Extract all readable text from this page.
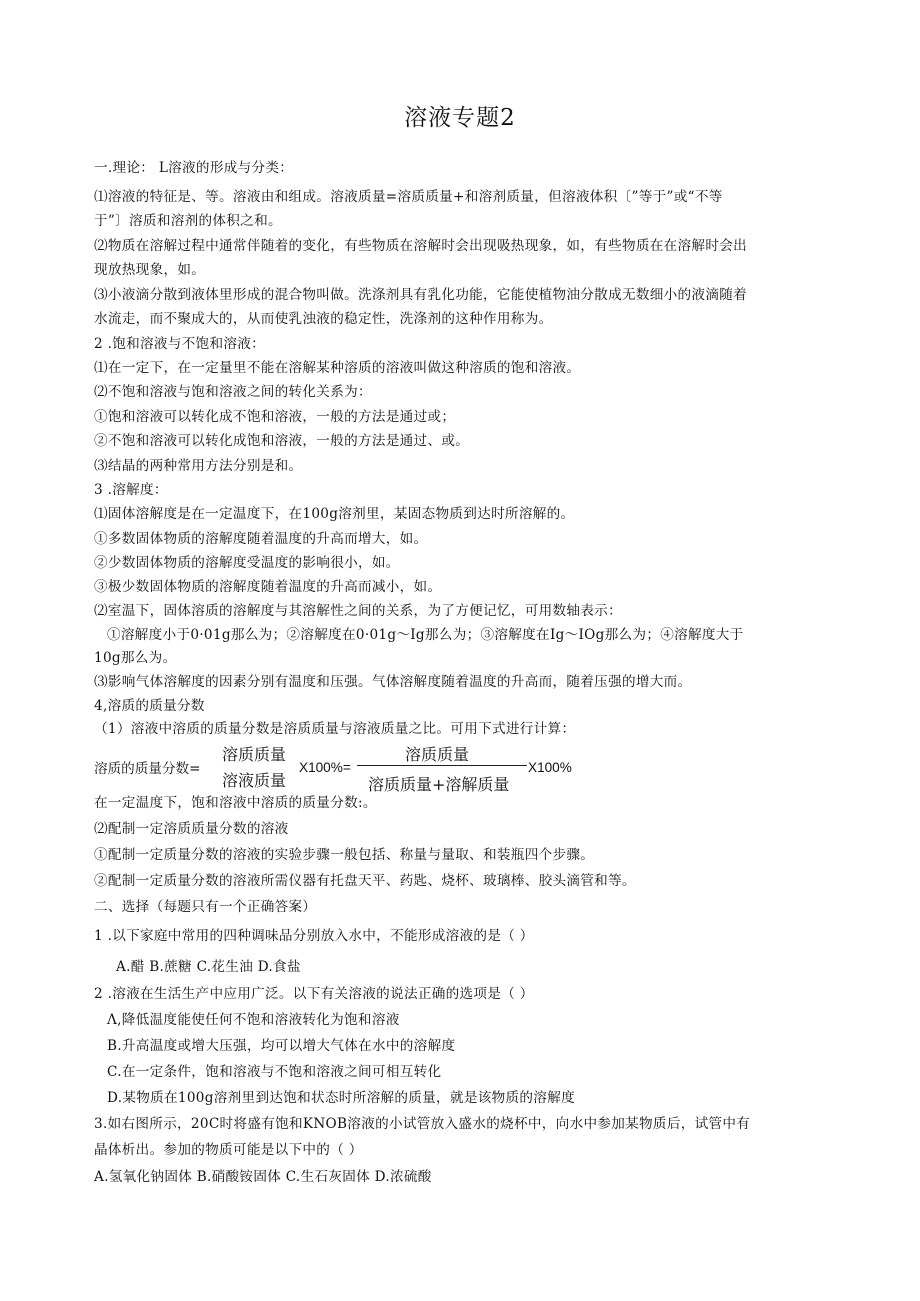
溶液专题2
一.理论： L溶液的形成与分类：
⑴溶液的特征是、等。溶液由和组成。溶液质量=溶质质量+和溶剂质量，但溶液体积〔”等于”或“不等
于”〕溶质和溶剂的体积之和。
⑵物质在溶解过程中通常伴随着的变化，有些物质在溶解时会出现吸热现象，如，有些物质在在溶解时会出
现放热现象，如。
⑶小液滴分散到液体里形成的混合物叫做。洗涤剂具有乳化功能，它能使植物油分散成无数细小的液滴随着
水流走，而不聚成大的，从而使乳浊液的稳定性，洗涤剂的这种作用称为。
2 .饱和溶液与不饱和溶液：
⑴在一定下，在一定量里不能在溶解某种溶质的溶液叫做这种溶质的饱和溶液。
⑵不饱和溶液与饱和溶液之间的转化关系为：
①饱和溶液可以转化成不饱和溶液，一般的方法是通过或；
②不饱和溶液可以转化成饱和溶液，一般的方法是通过、或。
⑶结晶的两种常用方法分别是和。
3 .溶解度：
⑴固体溶解度是在一定温度下，在100g溶剂里，某固态物质到达时所溶解的。
①多数固体物质的溶解度随着温度的升高而增大，如。
②少数固体物质的溶解度受温度的影响很小，如。
③极少数固体物质的溶解度随着温度的升高而减小，如。
⑵室温下，固体溶质的溶解度与其溶解性之间的关系，为了方便记忆，可用数轴表示：
①溶解度小于0·01g那么为；②溶解度在0·01g〜Ig那么为；③溶解度在Ig〜IOg那么为；④溶解度大于
10g那么为。
⑶影响气体溶解度的因素分别有温度和压强。气体溶解度随着温度的升高而，随着压强的增大而。
4,溶质的质量分数
（1）溶液中溶质的质量分数是溶质质量与溶液质量之比。可用下式进行计算：
溶质的质量分数=
溶质质量
溶液质量
X100%=
溶质质量
溶质质量+溶解质量
X100%
在一定温度下，饱和溶液中溶质的质量分数:。
⑵配制一定溶质质量分数的溶液
①配制一定质量分数的溶液的实验步骤一般包括、称量与量取、和装瓶四个步骤。
②配制一定质量分数的溶液所需仪器有托盘天平、药匙、烧杯、玻璃棒、胶头滴管和等。
二、选择（每题只有一个正确答案）
1 .以下家庭中常用的四种调味品分别放入水中，不能形成溶液的是（ ）
A.醋 B.蔗糖 C.花生油 D.食盐
2 .溶液在生活生产中应用广泛。以下有关溶液的说法正确的选项是（ ）
Λ,降低温度能使任何不饱和溶液转化为饱和溶液
B.升高温度或增大压强，均可以增大气体在水中的溶解度
C.在一定条件，饱和溶液与不饱和溶液之间可相互转化
D.某物质在100g溶剂里到达饱和状态时所溶解的质量，就是该物质的溶解度
3.如右图所示，20C时将盛有饱和KNOB溶液的小试管放入盛水的烧杯中，向水中参加某物质后，试管中有
晶体析出。参加的物质可能是以下中的（ ）
A.氢氧化钠固体 B.硝酸铵固体 C.生石灰固体 D.浓硫酸
